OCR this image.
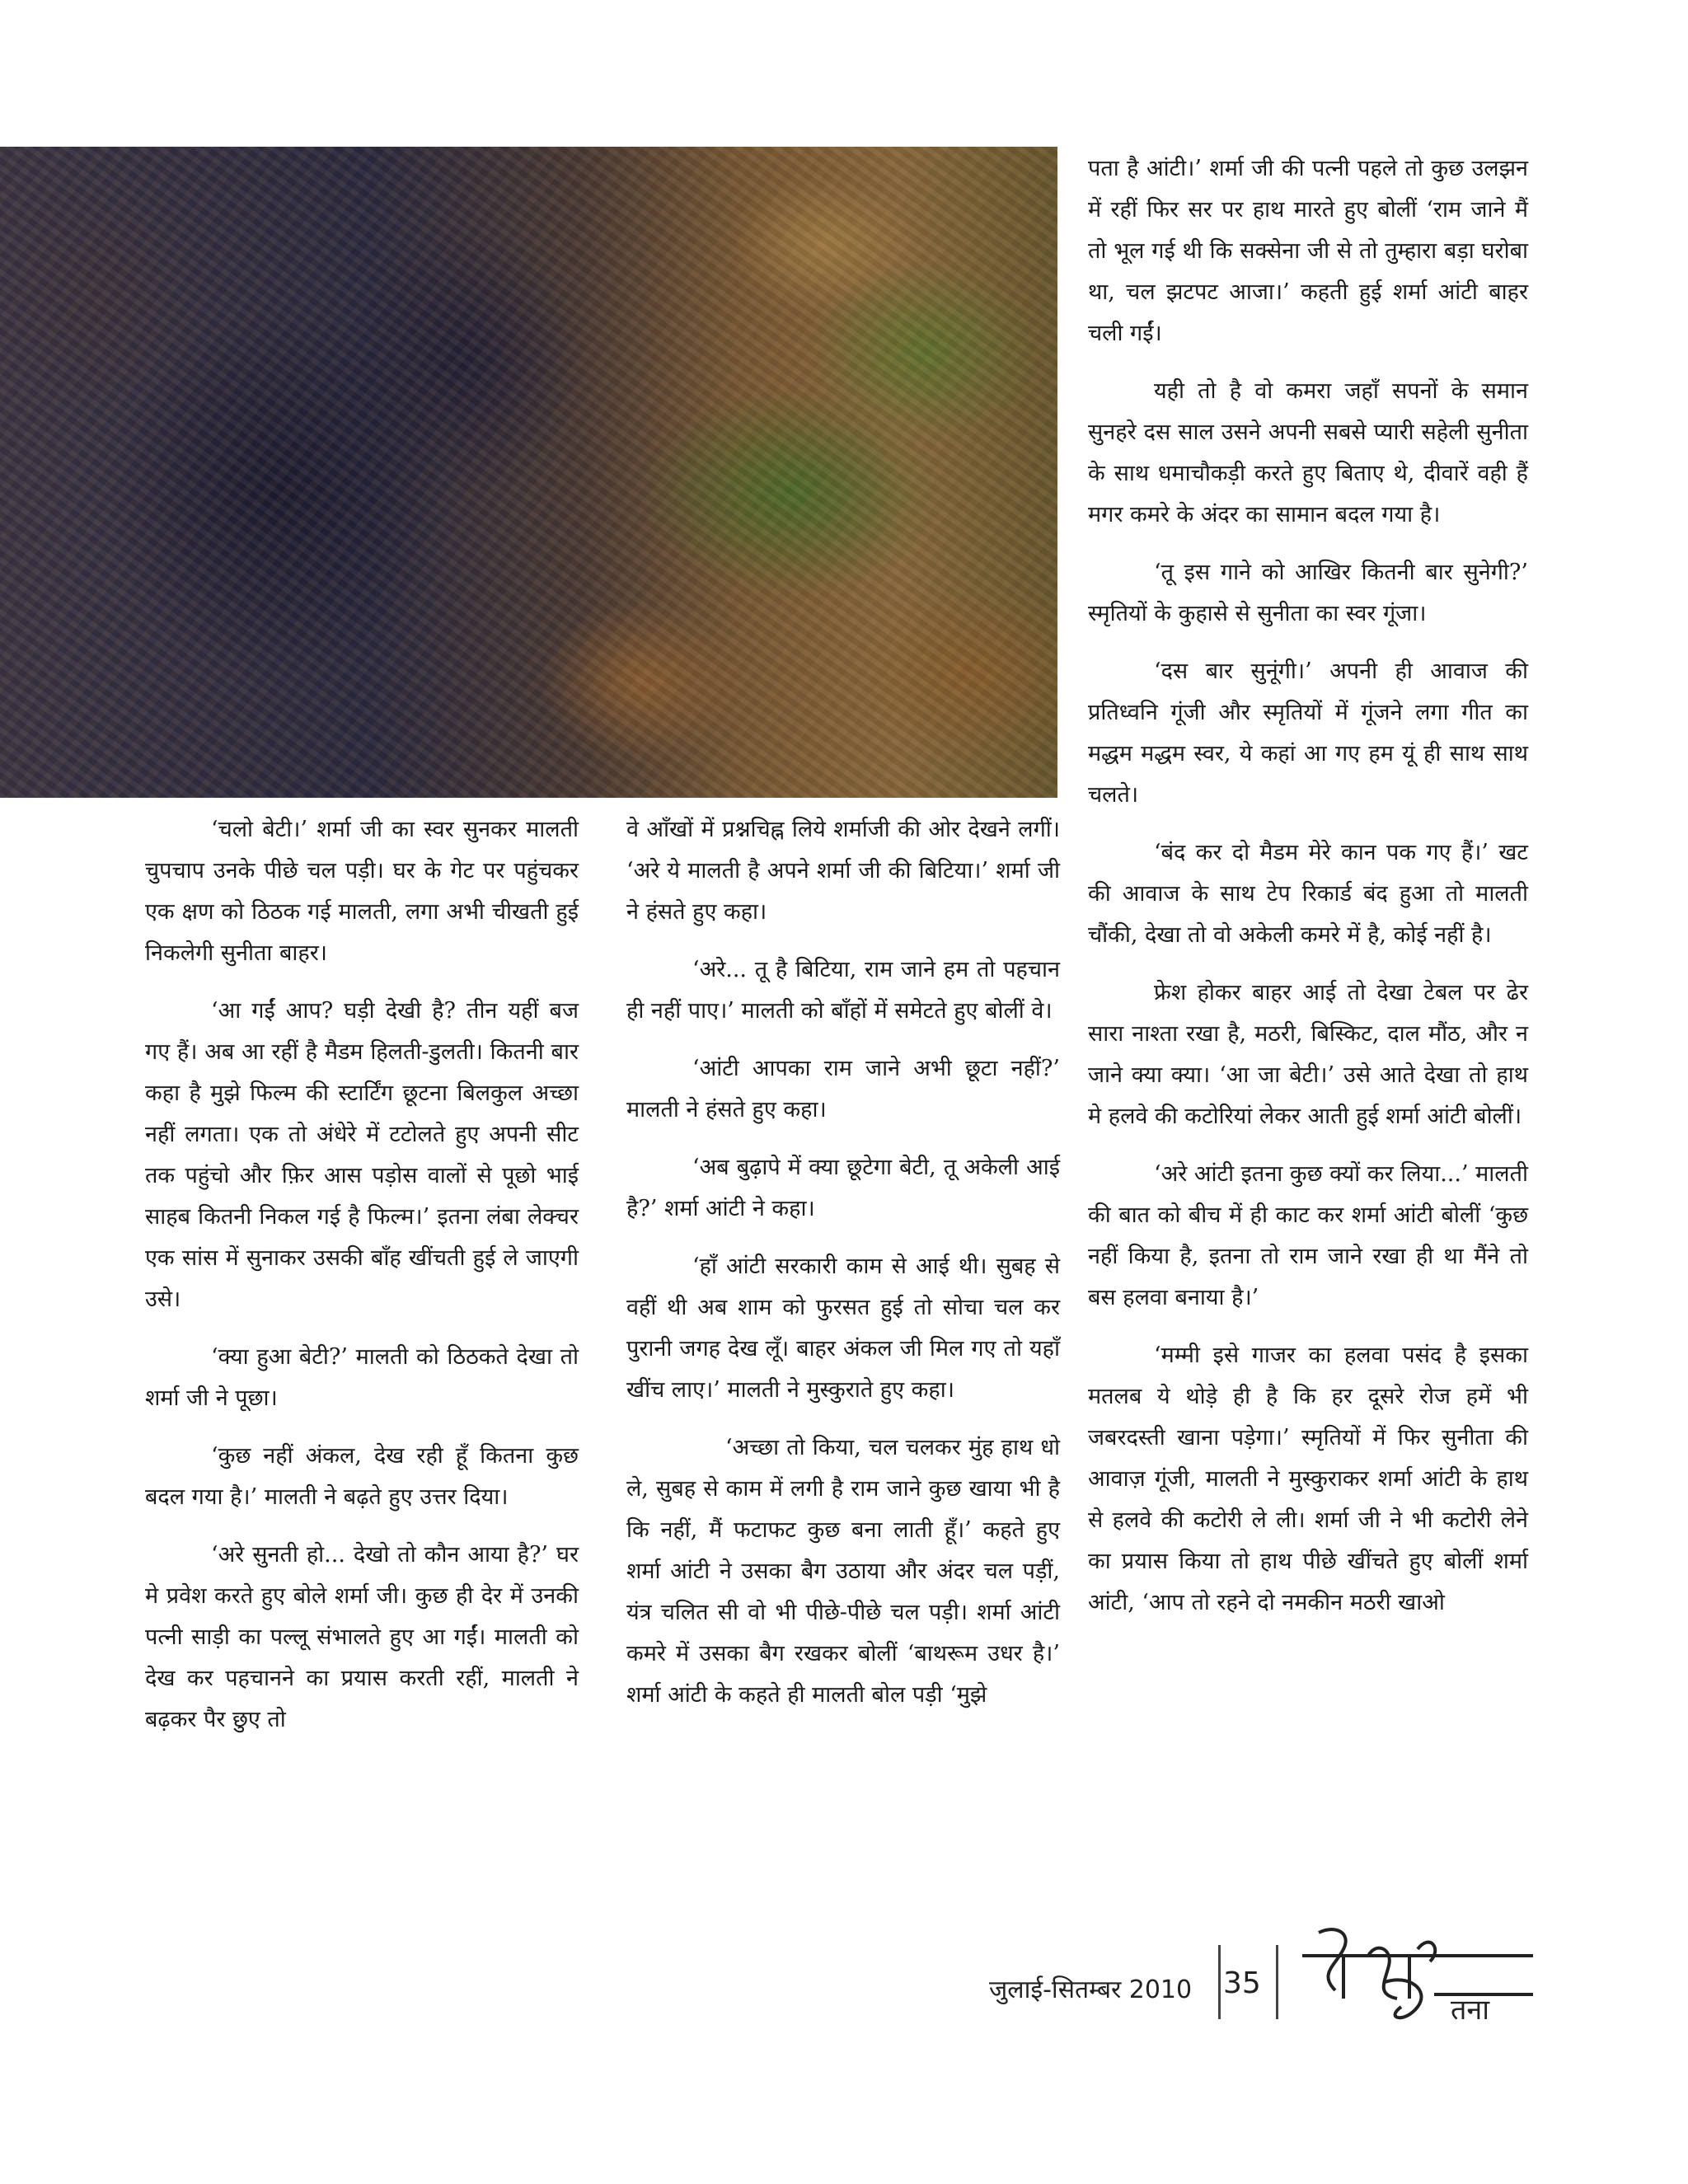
‘चलो बेटी।’ शर्मा जी का स्वर सुनकर मालती चुपचाप उनके पीछे चल पड़ी। घर के गेट पर पहुंचकर एक क्षण को ठिठक गई मालती, लगा अभी चीखती हुई निकलेगी सुनीता बाहर।

‘आ गईं आप? घड़ी देखी है? तीन यहीं बज गए हैं। अब आ रहीं है मैडम हिलती-डुलती। कितनी बार कहा है मुझे फिल्म की स्टार्टिंग छूटना बिलकुल अच्छा नहीं लगता। एक तो अंधेरे में टटोलते हुए अपनी सीट तक पहुंचो और फ़िर आस पड़ोस वालों से पूछो भाई साहब कितनी निकल गई है फिल्म।’ इतना लंबा लेक्चर एक सांस में सुनाकर उसकी बाँह खींचती हुई ले जाएगी उसे।

‘क्या हुआ बेटी?’ मालती को ठिठकते देखा तो शर्मा जी ने पूछा।

‘कुछ नहीं अंकल, देख रही हूँ कितना कुछ बदल गया है।’ मालती ने बढ़ते हुए उत्तर दिया।

‘अरे सुनती हो... देखो तो कौन आया है?’ घर मे प्रवेश करते हुए बोले शर्मा जी। कुछ ही देर में उनकी पत्नी साड़ी का पल्लू संभालते हुए आ गईं। मालती को देख कर पहचानने का प्रयास करती रहीं, मालती ने बढ़कर पैर छुए तो

वे आँखों में प्रश्नचिह्न लिये शर्माजी की ओर देखने लगीं। ‘अरे ये मालती है अपने शर्मा जी की बिटिया।’ शर्मा जी ने हंसते हुए कहा।

‘अरे... तू है बिटिया, राम जाने हम तो पहचान ही नहीं पाए।’ मालती को बाँहों में समेटते हुए बोलीं वे।

‘आंटी आपका राम जाने अभी छूटा नहीं?’ मालती ने हंसते हुए कहा।

‘अब बुढ़ापे में क्या छूटेगा बेटी, तू अकेली आई है?’ शर्मा आंटी ने कहा।

‘हाँ आंटी सरकारी काम से आई थी। सुबह से वहीं थी अब शाम को फुरसत हुई तो सोचा चल कर पुरानी जगह देख लूँ। बाहर अंकल जी मिल गए तो यहाँ खींच लाए।’ मालती ने मुस्कुराते हुए कहा।

‘अच्छा तो किया, चल चलकर मुंह हाथ धो ले, सुबह से काम में लगी है राम जाने कुछ खाया भी है कि नहीं, मैं फटाफट कुछ बना लाती हूँ।’ कहते हुए शर्मा आंटी ने उसका बैग उठाया और अंदर चल पड़ीं, यंत्र चलित सी वो भी पीछे-पीछे चल पड़ी। शर्मा आंटी कमरे में उसका बैग रखकर बोलीं ‘बाथरूम उधर है।’ शर्मा आंटी के कहते ही मालती बोल पड़ी ‘मुझे

पता है आंटी।’ शर्मा जी की पत्नी पहले तो कुछ उलझन में रहीं फिर सर पर हाथ मारते हुए बोलीं ‘राम जाने मैं तो भूल गई थी कि सक्सेना जी से तो तुम्हारा बड़ा घरोबा था, चल झटपट आजा।’ कहती हुई शर्मा आंटी बाहर चली गईं।

यही तो है वो कमरा जहाँ सपनों के समान सुनहरे दस साल उसने अपनी सबसे प्यारी सहेली सुनीता के साथ धमाचौकड़ी करते हुए बिताए थे, दीवारें वही हैं मगर कमरे के अंदर का सामान बदल गया है।

‘तू इस गाने को आखिर कितनी बार सुनेगी?’ स्मृतियों के कुहासे से सुनीता का स्वर गूंजा।

‘दस बार सुनूंगी।’ अपनी ही आवाज की प्रतिध्वनि गूंजी और स्मृतियों में गूंजने लगा गीत का मद्धम मद्धम स्वर, ये कहां आ गए हम यूं ही साथ साथ चलते।

‘बंद कर दो मैडम मेरे कान पक गए हैं।’ खट की आवाज के साथ टेप रिकार्ड बंद हुआ तो मालती चौंकी, देखा तो वो अकेली कमरे में है, कोई नहीं है।

फ्रेश होकर बाहर आई तो देखा टेबल पर ढेर सारा नाश्ता रखा है, मठरी, बिस्किट, दाल मौंठ, और न जाने क्या क्या। ‘आ जा बेटी।’ उसे आते देखा तो हाथ मे हलवे की कटोरियां लेकर आती हुई शर्मा आंटी बोलीं।

‘अरे आंटी इतना कुछ क्यों कर लिया...’ मालती की बात को बीच में ही काट कर शर्मा आंटी बोलीं ‘कुछ नहीं किया है, इतना तो राम जाने रखा ही था मैंने तो बस हलवा बनाया है।’

‘मम्मी इसे गाजर का हलवा पसंद है इसका मतलब ये थोड़े ही है कि हर दूसरे रोज हमें भी जबरदस्ती खाना पड़ेगा।’ स्मृतियों में फिर सुनीता की आवाज़ गूंजी, मालती ने मुस्कुराकर शर्मा आंटी के हाथ से हलवे की कटोरी ले ली। शर्मा जी ने भी कटोरी लेने का प्रयास किया तो हाथ पीछे खींचते हुए बोलीं शर्मा आंटी, ‘आप तो रहने दो नमकीन मठरी खाओ

जुलाई-सितम्बर 2010 35
तना
